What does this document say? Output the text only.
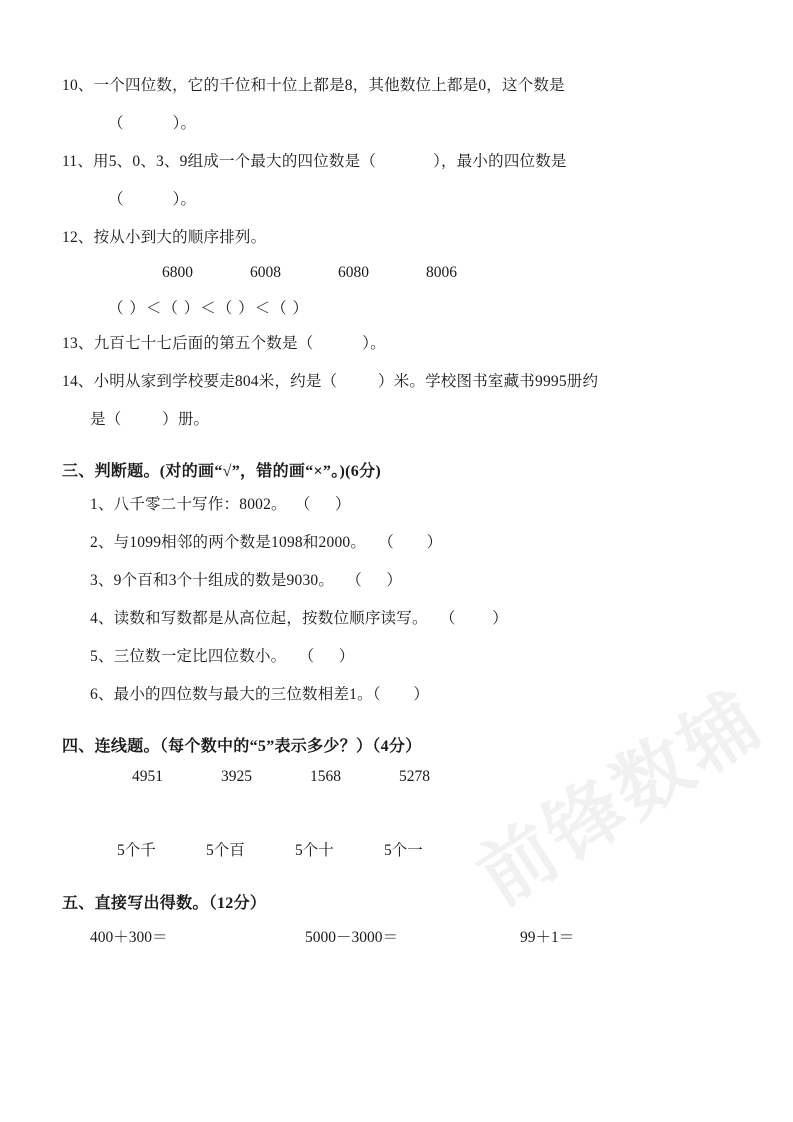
10、一个四位数，它的千位和十位上都是8，其他数位上都是0，这个数是
（            ）。
11、用5、0、3、9组成一个最大的四位数是（              ），最小的四位数是
（            ）。
12、按从小到大的顺序排列。
6800	6008	6080	8006
（ ）＜（ ）＜（ ）＜（ ）
13、九百七十七后面的第五个数是（            ）。
14、小明从家到学校要走804米，约是（          ）米。学校图书室藏书9995册约
是（          ）册。
三、判断题。(对的画“√”，错的画“×”。)(6分)
1、八千零二十写作：8002。  （      ）
2、与1099相邻的两个数是1098和2000。   （        ）
3、9个百和3个十组成的数是9030。   （      ）
4、读数和写数都是从高位起，按数位顺序读写。   （         ）
5、三位数一定比四位数小。   （      ）
6、最小的四位数与最大的三位数相差1。（        ）
四、连线题。（每个数中的“5”表示多少？）（4分）
4951	3925	1568	5278
5个千	5个百	5个十	5个一
五、直接写出得数。（12分）
400＋300＝	5000－3000＝	99＋1＝
前锋数辅
